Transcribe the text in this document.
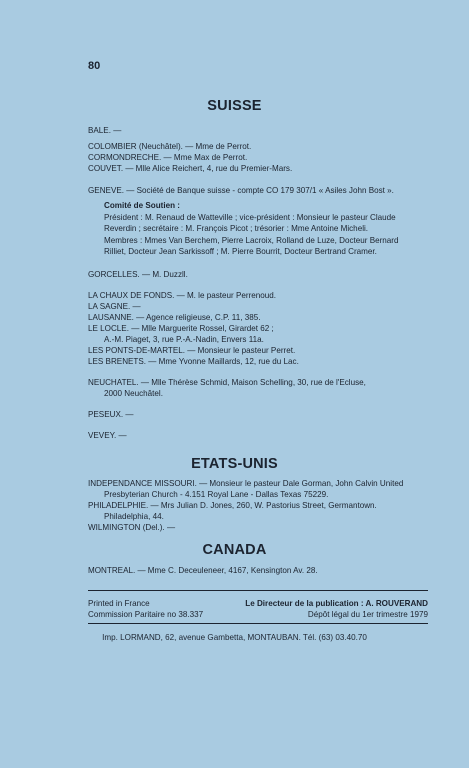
80
SUISSE
BALE. —
COLOMBIER (Neuchâtel). — Mme de Perrot.
CORMONDRECHE. — Mme Max de Perrot.
COUVET. — Mlle Alice Reichert, 4, rue du Premier-Mars.
GENEVE. — Société de Banque suisse - compte CO 179 307/1 « Asiles John Bost ».
Comité de Soutien :
Président : M. Renaud de Watteville ; vice-président : Monsieur le pasteur Claude
Reverdin ; secrétaire : M. François Picot ; trésorier : Mme Antoine Micheli.
Membres : Mmes Van Berchem, Pierre Lacroix, Rolland de Luze, Docteur Bernard
Rilliet, Docteur Jean Sarkissoff ; M. Pierre Bourrit, Docteur Bertrand Cramer.
GORCELLES. — M. Duzzll.
LA CHAUX DE FONDS. — M. le pasteur Perrenoud.
LA SAGNE. —
LAUSANNE. — Agence religieuse, C.P. 11, 385.
LE LOCLE. — Mlle Marguerite Rossel, Girardet 62 ;
A.-M. Piaget, 3, rue P.-A.-Nadin, Envers 11a.
LES PONTS-DE-MARTEL. — Monsieur le pasteur Perret.
LES BRENETS. — Mme Yvonne Maillards, 12, rue du Lac.
NEUCHATEL. — Mlle Thérèse Schmid, Maison Schelling, 30, rue de l'Ecluse,
2000 Neuchâtel.
PESEUX. —
VEVEY. —
ETATS-UNIS
INDEPENDANCE MISSOURI. — Monsieur le pasteur Dale Gorman, John Calvin United
Presbyterian Church - 4.151 Royal Lane - Dallas Texas 75229.
PHILADELPHIE. — Mrs Julian D. Jones, 260, W. Pastorius Street, Germantown.
Philadelphia, 44.
WILMINGTON (Del.). —
CANADA
MONTREAL. — Mme C. Deceuleneer, 4167, Kensington Av. 28.
Printed in France
Commission Paritaire no 38.337
Le Directeur de la publication : A. ROUVERAND
Dépôt légal du 1er trimestre 1979
Imp. LORMAND, 62, avenue Gambetta, MONTAUBAN. Tél. (63) 03.40.70
